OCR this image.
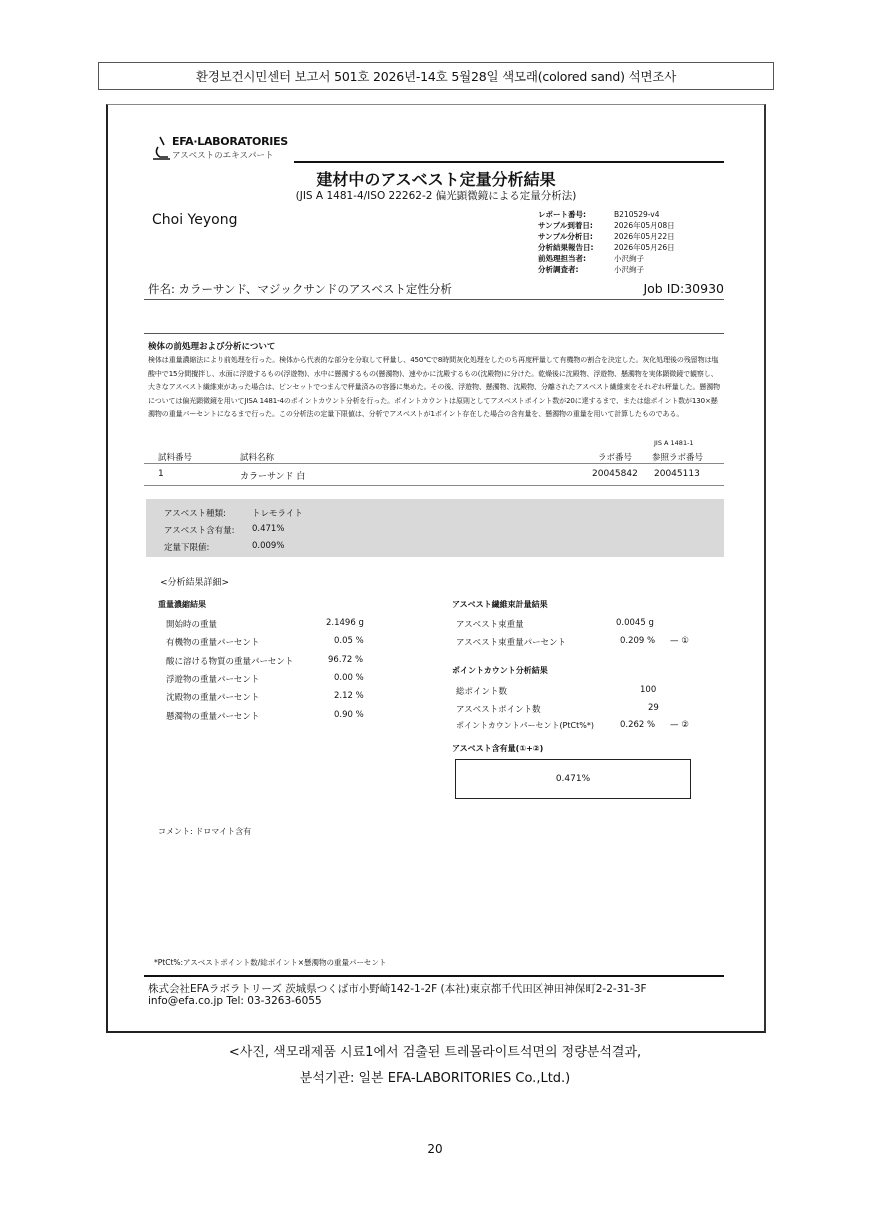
환경보건시민센터 보고서 501호 2026년-14호 5월28일 색모래(colored sand) 석면조사
EFA·LABORATORIES
アスベストのエキスパート
建材中のアスベスト定量分析結果
(JIS A 1481-4/ISO 22262-2 偏光顕微鏡による定量分析法)
Choi Yeyong	レポート番号:	B210529-v4
サンプル到着日:	2026年05月08日
サンプル分析日:	2026年05月22日
分析結果報告日:	2026年05月26日
前処理担当者:	小沢絢子
分析調査者:	小沢絢子
件名: カラーサンド、マジックサンドのアスベスト定性分析	Job ID:30930
検体の前処理および分析について
検体は重量濃縮法により前処理を行った。検体から代表的な部分を分取して秤量し、450℃で8時間灰化処理をしたのち再度秤量して有機物の割合を決定した。灰化処理後の残留物は塩酸中で15分間攪拌し、水面に浮遊するもの(浮遊物)、水中に懸濁するもの(懸濁物)、速やかに沈殿するもの(沈殿物)に分けた。乾燥後に沈殿物、浮遊物、懸濁物を実体顕微鏡で観察し、大きなアスベスト繊維束があった場合は、ピンセットでつまんで秤量済みの容器に集めた。その後、浮遊物、懸濁物、沈殿物、分離されたアスベスト繊維束をそれぞれ秤量した。懸濁物については偏光顕微鏡を用いてJISA 1481-4のポイントカウント分析を行った。ポイントカウントは原則としてアスベストポイント数が20に達するまで、または総ポイント数が130×懸濁物の重量パーセントになるまで行った。この分析法の定量下限値は、分析でアスベストが1ポイント存在した場合の含有量を、懸濁物の重量を用いて計算したものである。
JIS A 1481-1
試料番号	試料名称	ラボ番号 参照ラボ番号
1	カラーサンド 白	20045842 20045113
アスベスト種類:	トレモライト
アスベスト含有量: 0.471%
定量下限値:	0.009%
<分析結果詳細>
重量濃縮結果
開始時の重量	2.1496 g
有機物の重量パーセント	0.05 %
酸に溶ける物質の重量パーセント	96.72 %
浮遊物の重量パーセント	0.00 %
沈殿物の重量パーセント	2.12 %
懸濁物の重量パーセント	0.90 %
アスベスト繊維束計量結果
アスベスト束重量	0.0045 g
アスベスト束重量パーセント	0.209 % — ①
ポイントカウント分析結果
総ポイント数	100
アスベストポイント数	29
ポイントカウントパーセント(PtCt%*)	0.262 % — ②
アスベスト含有量(①+②)
0.471%
コメント: ドロマイト含有
*PtCt%:アスベストポイント数/総ポイント×懸濁物の重量パーセント
株式会社EFAラボラトリーズ 茨城県つくば市小野崎142-1-2F (本社)東京都千代田区神田神保町2-2-31-3F
info@efa.co.jp Tel: 03-3263-6055
<사진, 색모래제품 시료1에서 검출된 트레몰라이트석면의 정량분석결과,
분석기관: 일본 EFA-LABORITORIES Co.,Ltd.)
20
